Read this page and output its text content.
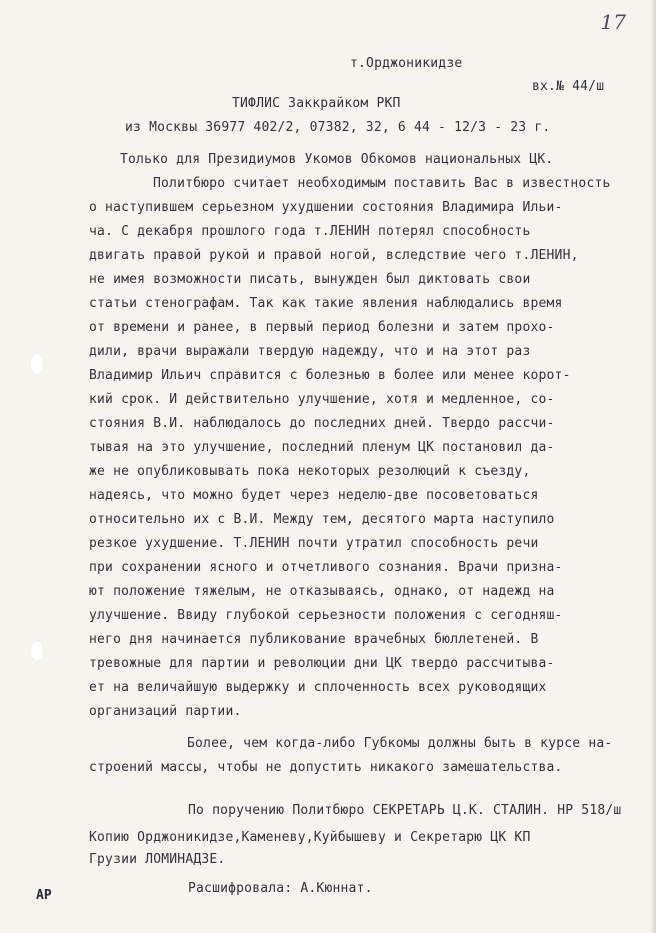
17
т.Орджоникидзе
вх.№ 44/ш
ТИФЛИС Заккрайком РКП
из Москвы 36977 402/2, 07382, 32, 6 44 - 12/3 - 23 г.
Только для Президиумов Укомов Обкомов национальных ЦК.
Политбюро считает необходимым поставить Вас в известность
о наступившем серьезном ухудшении состояния Владимира Ильи-
ча. С декабря прошлого года т.ЛЕНИН потерял способность
двигать правой рукой и правой ногой, вследствие чего т.ЛЕНИН,
не имея возможности писать, вынужден был диктовать свои
статьи стенографам. Так как такие явления наблюдались время
от времени и ранее, в первый период болезни и затем прохо-
дили, врачи выражали твердую надежду, что и на этот раз
Владимир Ильич справится с болезнью в более или менее корот-
кий срок. И действительно улучшение, хотя и медленное, со-
стояния В.И. наблюдалось до последних дней. Твердо рассчи-
тывая на это улучшение, последний пленум ЦК постановил да-
же не опубликовывать пока некоторых резолюций к съезду,
надеясь, что можно будет через неделю-две посоветоваться
относительно их с В.И. Между тем, десятого марта наступило
резкое ухудшение. Т.ЛЕНИН почти утратил способность речи
при сохранении ясного и отчетливого сознания. Врачи призна-
ют положение тяжелым, не отказываясь, однако, от надежд на
улучшение. Ввиду глубокой серьезности положения с сегодняш-
него дня начинается публикование врачебных бюллетеней. В
тревожные для партии и революции дни ЦК твердо рассчитыва-
ет на величайшую выдержку и сплоченность всех руководящих
организаций партии.
Более, чем когда-либо Губкомы должны быть в курсе на-
строений массы, чтобы не допустить никакого замешательства.
По поручению Политбюро СЕКРЕТАРЬ Ц.К. СТАЛИН. НР 518/ш
Копию Орджоникидзе,Каменеву,Куйбышеву и Секретарю ЦК КП
Грузии ЛОМИНАДЗЕ.
Расшифровала: А.Кюннат.
АР
